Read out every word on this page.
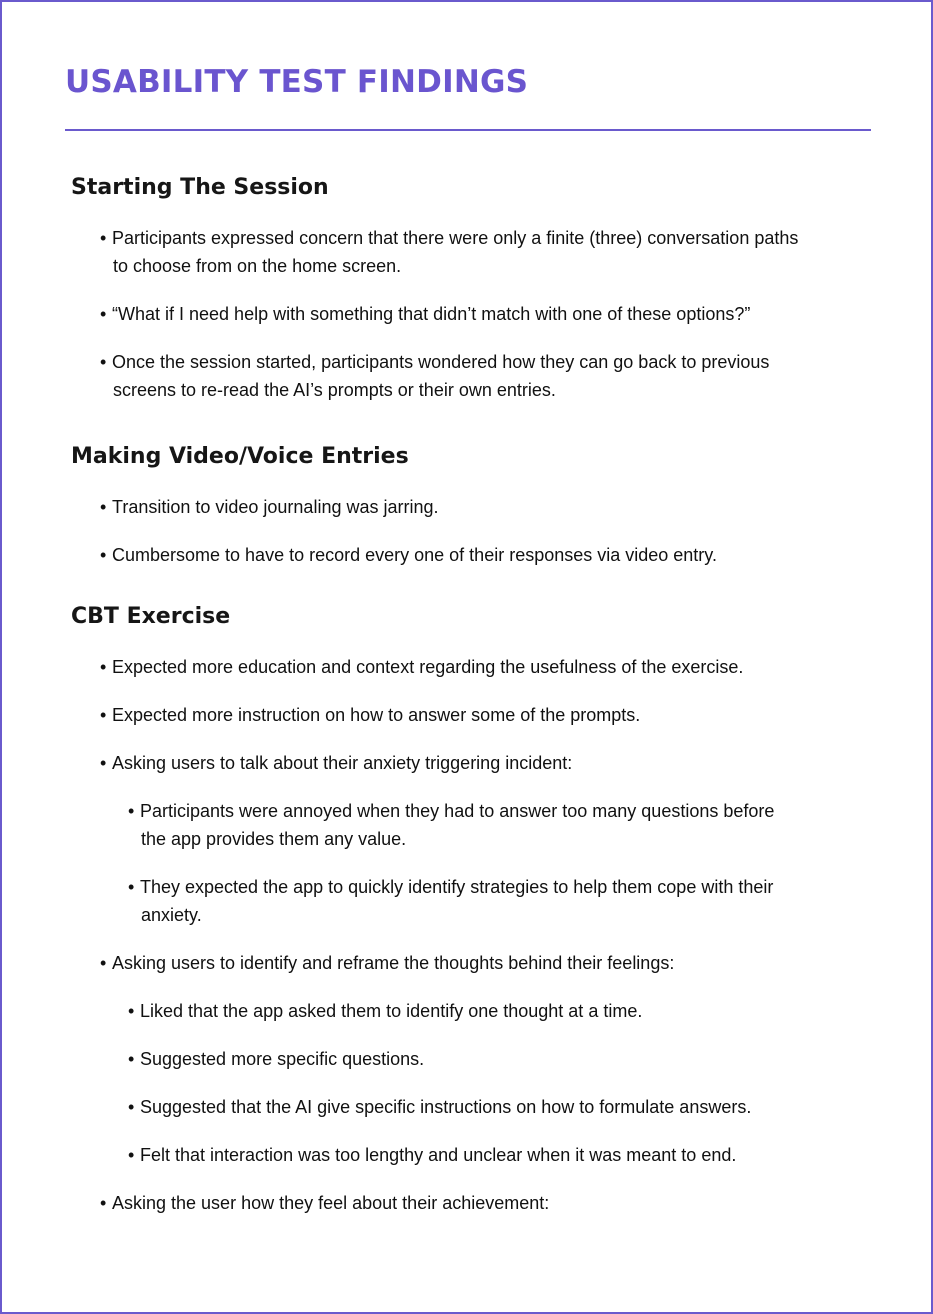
USABILITY TEST FINDINGS
Starting The Session
• Participants expressed concern that there were only a finite (three) conversation paths
to choose from on the home screen.
• “What if I need help with something that didn’t match with one of these options?”
• Once the session started, participants wondered how they can go back to previous
screens to re-read the AI’s prompts or their own entries.
Making Video/Voice Entries
• Transition to video journaling was jarring.
• Cumbersome to have to record every one of their responses via video entry.
CBT Exercise
• Expected more education and context regarding the usefulness of the exercise.
• Expected more instruction on how to answer some of the prompts.
• Asking users to talk about their anxiety triggering incident:
• Participants were annoyed when they had to answer too many questions before
the app provides them any value.
• They expected the app to quickly identify strategies to help them cope with their
anxiety.
• Asking users to identify and reframe the thoughts behind their feelings:
• Liked that the app asked them to identify one thought at a time.
• Suggested more specific questions.
• Suggested that the AI give specific instructions on how to formulate answers.
• Felt that interaction was too lengthy and unclear when it was meant to end.
• Asking the user how they feel about their achievement:
